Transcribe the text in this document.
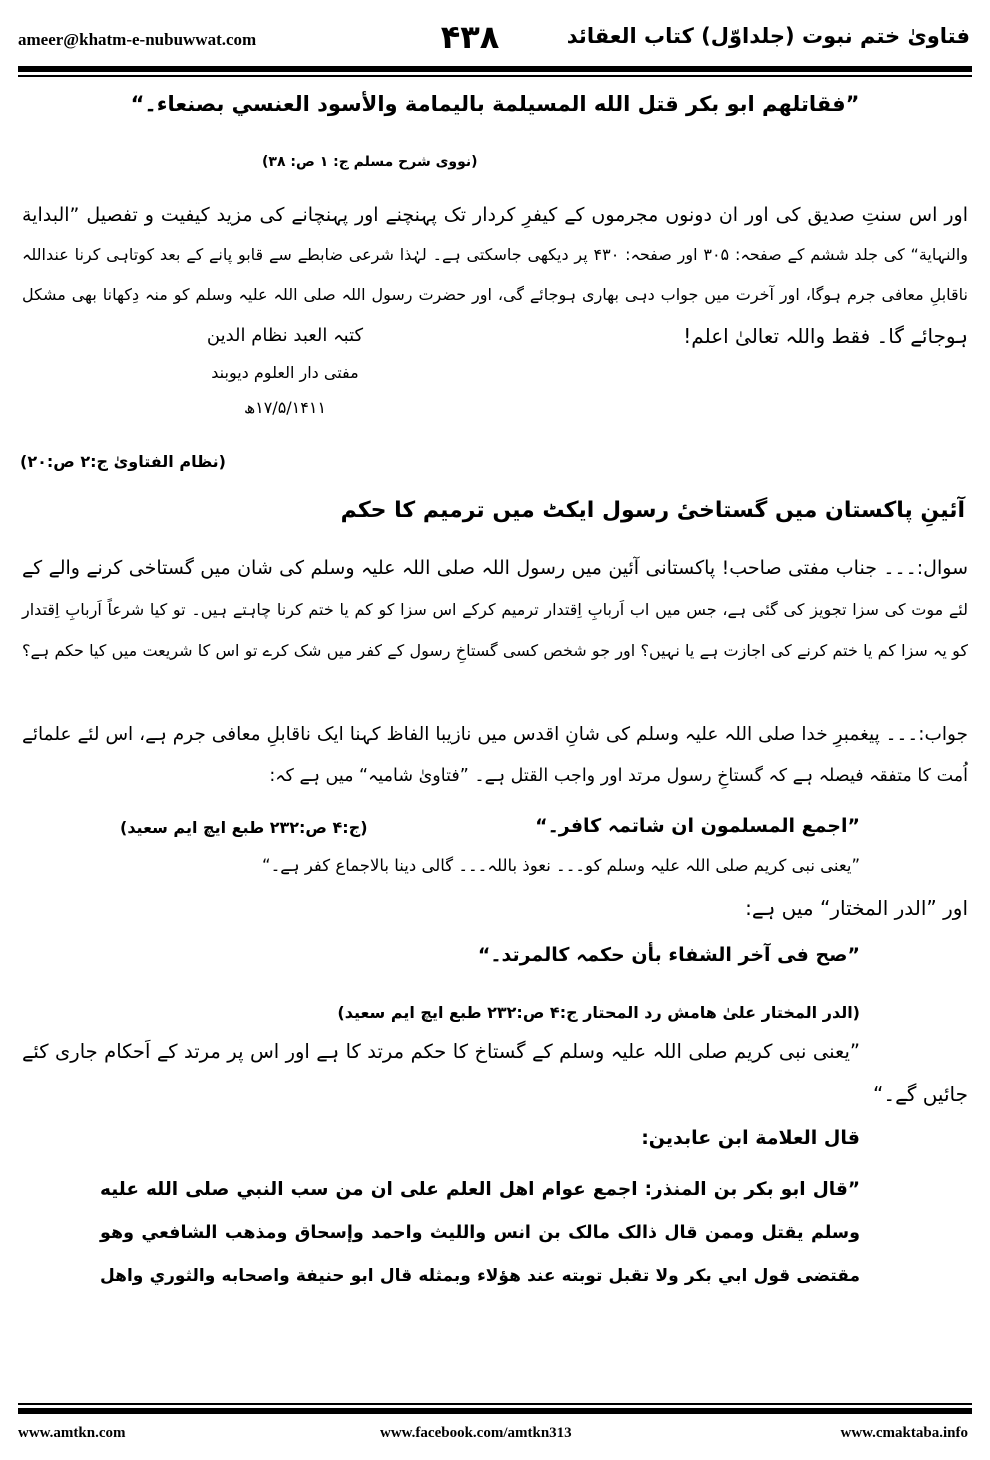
ameer@khatm-e-nubuwwat.com	۴۳۸	فتاویٰ ختم نبوت (جلداوّل) کتاب العقائد
”فقاتلهم ابو بكر قتل الله المسيلمة باليمامة والأسود العنسي بصنعاء۔“
(نووی شرح مسلم ج: ۱ ص: ۳۸)
اور اس سنتِ صدیق کی اور ان دونوں مجرموں کے کیفرِ کردار تک پہنچنے اور پہنچانے کی مزید کیفیت و تفصیل ”البدایة
والنہایة“ کی جلد ششم کے صفحہ: ۳۰۵ اور صفحہ: ۴۳۰ پر دیکھی جاسکتی ہے۔ لہٰذا شرعی ضابطے سے قابو پانے کے بعد کوتاہی کرنا عنداللہ
ناقابلِ معافی جرم ہوگا، اور آخرت میں جواب دہی بھاری ہوجائے گی، اور حضرت رسول اللہ صلی اللہ علیہ وسلم کو منہ دِکھانا بھی مشکل
ہوجائے گا۔ فقط واللہ تعالیٰ اعلم!
کتبہ العبد نظام الدین
مفتی دار العلوم دیوبند
۱۷/۵/۱۴۱۱ھ
(نظام الفتاویٰ ج:۲ ص:۲۰)
آئینِ پاکستان میں گستاخیٔ رسول ایکٹ میں ترمیم کا حکم
سوال:۔۔۔ جناب مفتی صاحب! پاکستانی آئین میں رسول اللہ صلی اللہ علیہ وسلم کی شان میں گستاخی کرنے والے کے
لئے موت کی سزا تجویز کی گئی ہے، جس میں اب اَربابِ اِقتدار ترمیم کرکے اس سزا کو کم یا ختم کرنا چاہتے ہیں۔ تو کیا شرعاً اَربابِ اِقتدار
کو یہ سزا کم یا ختم کرنے کی اجازت ہے یا نہیں؟ اور جو شخص کسی گستاخِ رسول کے کفر میں شک کرے تو اس کا شریعت میں کیا حکم ہے؟
جواب:۔۔۔ پیغمبرِ خدا صلی اللہ علیہ وسلم کی شانِ اقدس میں نازیبا الفاظ کہنا ایک ناقابلِ معافی جرم ہے، اس لئے علمائے
اُمت کا متفقہ فیصلہ ہے کہ گستاخِ رسول مرتد اور واجب القتل ہے۔ ”فتاویٰ شامیہ“ میں ہے کہ:
”اجمع المسلمون ان شاتمہ کافر۔“
(ج:۴ ص:۲۳۲ طبع ایچ ایم سعید)
”یعنی نبی کریم صلی اللہ علیہ وسلم کو۔۔۔ نعوذ باللہ۔۔۔ گالی دینا بالاجماع کفر ہے۔“
اور ”الدر المختار“ میں ہے:
”صح فی آخر الشفاء بأن حکمہ کالمرتد۔“
(الدر المختار علیٰ هامش رد المحتار ج:۴ ص:۲۳۲ طبع ایچ ایم سعید)
”یعنی نبی کریم صلی اللہ علیہ وسلم کے گستاخ کا حکم مرتد کا ہے اور اس پر مرتد کے اَحکام جاری کئے
جائیں گے۔“
قال العلامة ابن عابدین:
”قال ابو بكر بن المنذر: اجمع عوام اهل العلم على ان من سب النبي صلى الله عليه
وسلم يقتل وممن قال ذالک مالک بن انس والليث واحمد وإسحاق ومذهب الشافعي وهو
مقتضى قول ابي بكر ولا تقبل توبته عند هؤلاء وبمثله قال ابو حنيفة واصحابه والثوري واهل
www.amtkn.com	www.facebook.com/amtkn313	www.cmaktaba.info
